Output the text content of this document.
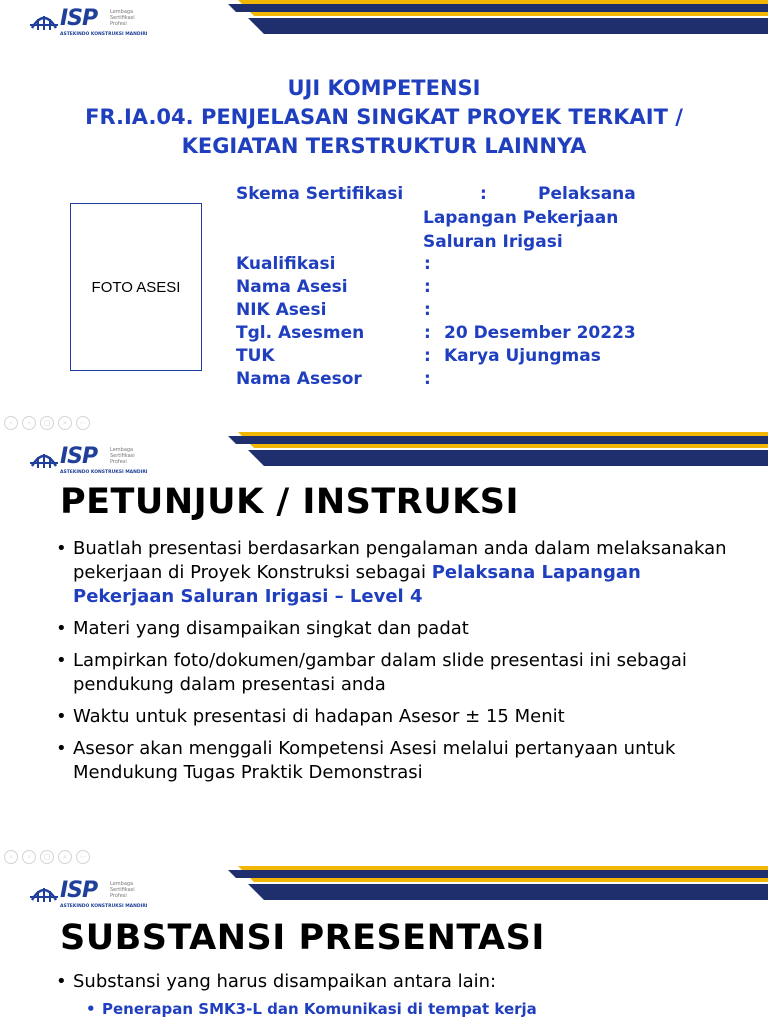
ISP	Lembaga Sertifikasi Profesi
ASTEKINDO KONSTRUKSI MANDIRI
UJI KOMPETENSI
FR.IA.04. PENJELASAN SINGKAT PROYEK TERKAIT /
KEGIATAN TERSTRUKTUR LAINNYA
FOTO ASESI
Skema Sertifikasi	:	Pelaksana
Lapangan Pekerjaan
Saluran Irigasi
Kualifikasi	:
Nama Asesi	:
NIK Asesi	:
Tgl. Asesmen	: 20 Desember 20223
TUK	: Karya Ujungmas
Nama Asesor	:
‹	›	▢	⌕	⋯
ISP	Lembaga Sertifikasi Profesi
ASTEKINDO KONSTRUKSI MANDIRI
PETUNJUK / INSTRUKSI
• Buatlah presentasi berdasarkan pengalaman anda dalam melaksanakan pekerjaan di Proyek Konstruksi sebagai Pelaksana Lapangan Pekerjaan Saluran Irigasi – Level 4
• Materi yang disampaikan singkat dan padat
• Lampirkan foto/dokumen/gambar dalam slide presentasi ini sebagai pendukung dalam presentasi anda
• Waktu untuk presentasi di hadapan Asesor ± 15 Menit
• Asesor akan menggali Kompetensi Asesi melalui pertanyaan untuk Mendukung Tugas Praktik Demonstrasi
‹	›	▢	⌕	⋯
ISP	Lembaga Sertifikasi Profesi
ASTEKINDO KONSTRUKSI MANDIRI
SUBSTANSI PRESENTASI
• Substansi yang harus disampaikan antara lain:
• Penerapan SMK3-L dan Komunikasi di tempat kerja
